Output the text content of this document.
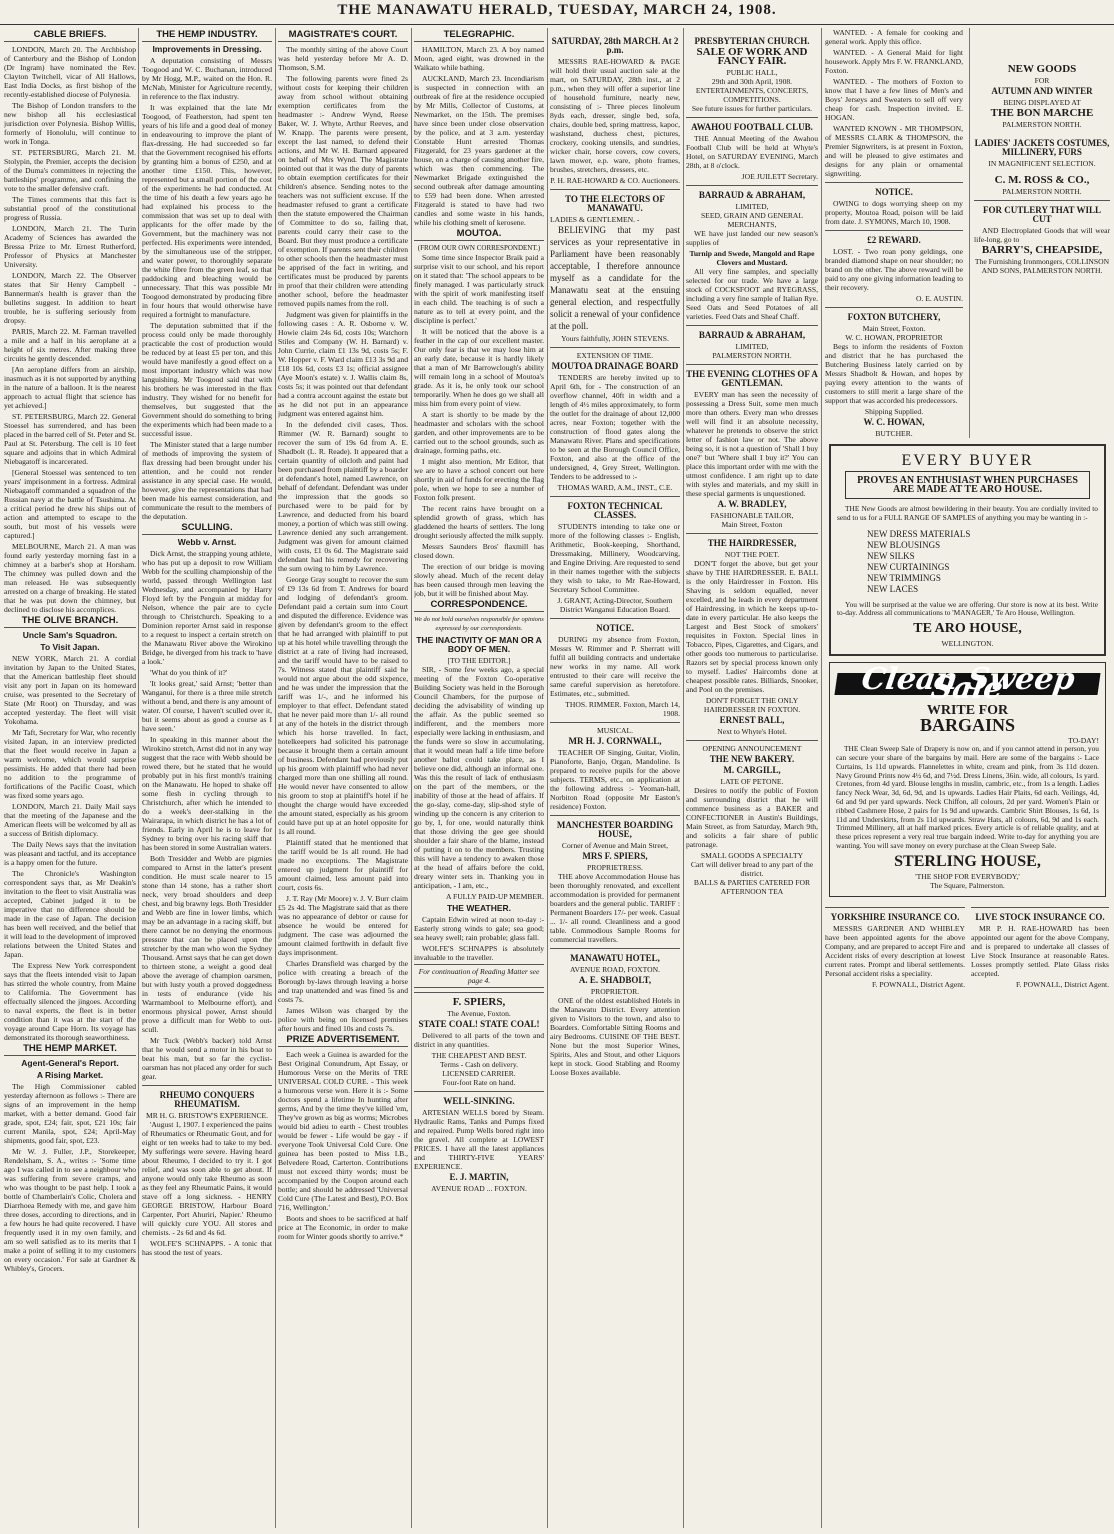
THE MANAWATU HERALD, TUESDAY, MARCH 24, 1908.
CABLE BRIEFS.

LONDON, March 20. The Archbishop of Canterbury and the Bishop of London (Dr Ingram) have nominated the Rev. Clayton Twitchell, vicar of All Hallows, East India Docks, as first bishop of the recently-established diocese of Polynesia.

The Bishop of London transfers to the new bishop all his ecclesiastical jurisdiction over Polynesia. Bishop Willis, formerly of Honolulu, will continue to work in Tonga.

ST. PETERSBURG, March 21. M. Stolypin, the Premier, accepts the decision of the Duma's committees in rejecting the battleships' programme, and confining the vote to the smaller defensive craft.

The Times comments that this fact is substantial proof of the constitutional progress of Russia.

LONDON, March 21. The Turin Academy of Sciences has awarded the Bressa Prize to Mr. Ernest Rutherford, Professor of Physics at Manchester University.

LONDON, March 22. The Observer states that Sir Henry Campbell - Bannerman's health is graver than the bulletins suggest. In addition to heart trouble, he is suffering seriously from dropsy.

PARIS, March 22. M. Farman travelled a mile and a half in his aeroplane at a height of six metres. After making three circuits he gently descended.

[An aeroplane differs from an airship, inasmuch as it is not supported by anything in the nature of a balloon. It is the nearest approach to actual flight that science has yet achieved.]

ST. PETERSBURG, March 22. General Stoessel has surrendered, and has been placed in the barred cell of St. Peter and St. Paul at St. Petersburg. The cell is 10 feet square and adjoins that in which Admiral Niebagatoff is incarcerated.

[General Stoessel was sentenced to ten years' imprisonment in a fortress. Admiral Niebagatoff commanded a squadron of the Russian navy at the battle of Tsushima. At a critical period he drew his ships out of action and attempted to escape to the south, but most of his vessels were captured.]

MELBOURNE, March 21. A man was found early yesterday morning fast in a chimney at a barber's shop at Horsham. The chimney was pulled down and the man released. He was subsequently arrested on a charge of breaking. He stated that he was put down the chimney, but declined to disclose his accomplices.

THE OLIVE BRANCH.
Uncle Sam's Squadron.
To Visit Japan.

NEW YORK, March 21. A cordial invitation by Japan to the United States, that the American battleship fleet should visit any port in Japan on its homeward cruise, was presented to the Secretary of State (Mr Root) on Thursday, and was accepted yesterday. The fleet will visit Yokohama.

Mr Taft, Secretary for War, who recently visited Japan, in an interview predicted that the fleet would receive in Japan a warm welcome, which would surprise pessimists. He added that there had been no addition to the programme of fortifications of the Pacific Coast, which was fixed some years ago.

LONDON, March 21. Daily Mail says that the meeting of the Japanese and the American fleets will be welcomed by all as a success of British diplomacy.

The Daily News says that the invitation was pleasant and tactful, and its acceptance is a happy omen for the future.

The Chronicle's Washington correspondent says that, as Mr Deakin's invitation to the fleet to visit Australia was accepted, Cabinet judged it to be imperative that no difference should be made in the case of Japan. The decision has been well received, and the belief that it will lead to the development of improved relations between the United States and Japan.

The Express New York correspondent says that the fleets intended visit to Japan has stirred the whole country, from Maine to California. The Government has effectually silenced the jingoes. According to naval experts, the fleet is in better condition than it was at the start of the voyage around Cape Horn. Its voyage has demonstrated its thorough seaworthiness.

THE HEMP MARKET.
Agent-General's Report.
A Rising Market.

The High Commissioner cabled yesterday afternoon as follows :- There are signs of an improvement in the hemp market, with a better demand. Good fair grade, spot, £24; fair, spot, £21 10s; fair current Manila, spot, £24; April-May shipments, good fair, spot, £23.

Mr W. J. Fuller, J.P., Storekeeper, Rendelsham, S. A., writes :- 'Some time ago I was called in to see a neighbour who was suffering from severe cramps, and who was thought to be past help. I took a bottle of Chamberlain's Colic, Cholera and Diarrhoea Remedy with me, and gave him three doses, according to directions, and in a few hours he had quite recovered. I have frequently used it in my own family, and am so well satisfied as to its merits that I make a point of selling it to my customers on every occasion.' For sale at Gardner & Whibley's, Grocers.

THE HEMP INDUSTRY.
Improvements in Dressing.

A deputation consisting of Messrs Toogood and W. C. Buchanan, introduced by Mr Hogg, M.P., waited on the Hon. R. McNab, Minister for Agriculture recently, in reference to the flax industry.

It was explained that the late Mr Toogood, of Featherston, had spent ten years of his life and a good deal of money in endeavouring to improve the plant of flax-dressing. He had succeeded so far that the Government recognised his efforts by granting him a bonus of £250, and at another time £150. This, however, represented but a small portion of the cost of the experiments he had conducted. At the time of his death a few years ago he had explained his process to the commission that was set up to deal with applicants for the offer made by the Government, but the machinery was not perfected. His experiments were intended, by the simultaneous use of the stripper, and water power, to thoroughly separate the white fibre from the green leaf, so that paddocking and bleaching would be unnecessary. That this was possible Mr Toogood demonstrated by producing fibre in four hours that would otherwise have required a fortnight to manufacture.

The deputation submitted that if the process could only be made thoroughly practicable the cost of production would be reduced by at least £5 per ton, and this would have manifestly a good effect on a most important industry which was now languishing. Mr Toogood said that with his brothers he was interested in the flax industry. They wished for no benefit for themselves, but suggested that the Government should do something to bring the experiments which had been made to a successful issue.

The Minister stated that a large number of methods of improving the system of flax dressing had been brought under his attention, and he could not render assistance in any special case. He would, however, give the representations that had been made his earnest consideration, and communicate the result to the members of the deputation.

SCULLING.
Webb v. Arnst.

Dick Arnst, the strapping young athlete, who has put up a deposit to row William Webb for the sculling championship of the world, passed through Wellington last Wednesday, and accompanied by Harry Floyd left by the Penguin at midday for Nelson, whence the pair are to cycle through to Christchurch. Speaking to a Dominion reporter Arnst said in response to a request to inspect a certain stretch on the Manawatu River above the Wirokino Bridge, he diverged from his track to 'have a look.'

'What do you think of it?'

'It looks great,' said Arnst; 'better than Wanganui, for there is a three mile stretch without a bend, and there is any amount of water. Of course, I haven't sculled over it, but it seems about as good a course as I have seen.'

In speaking in this manner about the Wirokino stretch, Arnst did not in any way suggest that the race with Webb should be rowed there, but he stated that he would probably put in his first month's training on the Manawatu. He hoped to shake off some flesh in cycling through to Christchurch, after which he intended to do a week's deer-stalking in the Wairarapa, in which district he has a lot of friends. Early in April he is to leave for Sydney to bring over his racing skiff that has been stored in some Australian waters.

Both Tresidder and Webb are pigmies compared to Arnst in the latter's present condition. He must scale nearer to 15 stone than 14 stone, has a rather short neck, very broad shoulders and deep chest, and big brawny legs. Both Tresidder and Webb are fine in lower limbs, which may be an advantage in a racing skiff, but there cannot be no denying the enormous pressure that can be placed upon the stretcher by the man who won the Sydney Thousand. Arnst says that he can get down to thirteen stone, a weight a good deal above the average of champion oarsmen, but with lusty youth a proved doggedness in tests of endurance (vide his Warrnambool to Melbourne effort), and enormous physical power, Arnst should prove a difficult man for Webb to out-scull.

Mr Tuck (Webb's backer) told Arnst that he would send a motor in his boat to beat his man, but so far the cyclist-oarsman has not placed any order for such gear.

RHEUMO CONQUERS RHEUMATISM.
MR H. G. BRISTOW'S EXPERIENCE.

'August 1, 1907. I experienced the pains of Rheumatics or Rheumatic Gout, and for eight or ten weeks had to take to my bed. My sufferings were severe. Having heard about Rheumo, I decided to try it. I got relief, and was soon able to get about. If anyone would only take Rheumo as soon as they feel any Rheumatic Pains, it would stave off a long sickness. - HENRY GEORGE BRISTOW, Harbour Board Carpenter, Port Ahuriri, Napier.' Rheumo will quickly cure YOU. All stores and chemists. - 2s 6d and 4s 6d.

WOLFE'S SCHNAPPS. - A tonic that has stood the test of years.

MAGISTRATE'S COURT.

The monthly sitting of the above Court was held yesterday before Mr A. D. Thomson, S.M.

The following parents were fined 2s without costs for keeping their children away from school without obtaining exemption certificates from the headmaster :- Andrew Wynd, Reese Baker, W. J. Whyte, Arthur Reeves, and W. Knapp. The parents were present, except the last named, to defend their actions, and Mr W. H. Barnard appeared on behalf of Mrs Wynd. The Magistrate pointed out that it was the duty of parents to obtain exemption certificates for their children's absence. Sending notes to the teachers was not sufficient excuse. If the headmaster refused to grant a certificate then the statute empowered the Chairman of Committee to do so, failing that, parents could carry their case to the Board. But they must produce a certificate of exemption. If parents sent their children to other schools then the headmaster must be apprised of the fact in writing, and certificates must be produced by parents in proof that their children were attending another school, before the headmaster removed pupils names from the roll.

Judgment was given for plaintiffs in the following cases : A. R. Osborne v. W. Howie claim 24s 6d, costs 10s; Watchorn Stiles and Company (W. H. Barnard) v. John Currie, claim £1 13s 9d, costs 5s; F. W. Hopper v. F. Ward claim £13 3s 9d and £18 10s 6d, costs £3 1s; official assignee (Aye Moon's estate) v. J. Wallis claim 8s, costs 5s; it was pointed out that defendant had a contra account against the estate but as he did not put in an appearance judgment was entered against him.

In the defended civil cases, Thos. Rimmer (W. R. Barnard) sought to recover the sum of 19s 6d from A. E. Shadbolt (L. R. Reade). It appeared that a certain quantity of oilcloth and paint had been purchased from plaintiff by a boarder at defendant's hotel, named Lawrence, on behalf of defendant. Defendant was under the impression that the goods so purchased were to be paid for by Lawrence, and deducted from his board money, a portion of which was still owing. Lawrence denied any such arrangement. Judgment was given for amount claimed with costs, £1 0s 6d. The Magistrate said defendant had his remedy for recovering the sum owing to him by Lawrence.

George Gray sought to recover the sum of £9 13s 6d from T. Andrews for board and lodging of defendant's groom. Defendant paid a certain sum into Court and disputed the difference. Evidence was given by defendant's groom to the effect that he had arranged with plaintiff to put up at his hotel while travelling through the district at a rate of living had increased, and the tariff would have to be raised to 7s. Witness stated that plaintiff said he would not argue about the odd sixpence, and he was under the impression that the tariff was 1/-, and he informed his employer to that effect. Defendant stated that he never paid more than 1/- all round at any of the hotels in the district through which his horse travelled. In fact, hotelkeepers had solicited his patronage because it brought them a certain amount of business. Defendant had previously put up his groom with plaintiff who had never charged more than one shilling all round. He would never have consented to allow his groom to stop at plaintiff's hotel if he thought the charge would have exceeded the amount stated, especially as his groom could have put up at an hotel opposite for 1s all round.

Plaintiff stated that he mentioned that the tariff would be 1s all round. He had made no exceptions. The Magistrate entered up judgment for plaintiff for amount claimed, less amount paid into court, costs 6s.

J. T. Ray (Mr Moore) v. J. V. Burr claim £5 2s 4d. The Magistrate said that as there was no appearance of debtor or cause for absence he would be entered for judgment. The case was adjourned the amount claimed forthwith in default five days imprisonment.

Charles Dransfield was charged by the police with creating a breach of the Borough by-laws through leaving a horse and trap unattended and was fined 5s and costs 7s.

James Wilson was charged by the police with being on licensed premises after hours and fined 10s and costs 7s.

PRIZE ADVERTISEMENT.

Each week a Guinea is awarded for the Best Original Conundrum, Apt Essay, or Humorous Verse on the Merits of TRE UNIVERSAL COLD CURE. - This week a humorous verse won. Here it is :- Some doctors spend a lifetime In hunting after germs, And by the time they've killed 'em, They've grown as big as worms; Microbes would bid adieu to earth - Chest troubles would be fewer - Life would be gay - if everyone Took Universal Cold Cure. One guinea has been posted to Miss I.B., Belvedere Road, Carterton. Contributions must not exceed thirty words; must be accompanied by the Coupon around each bottle; and should be addressed 'Universal Cold Cure (The Latest and Best), P.O. Box 716, Wellington.'

Boots and shoes to be sacrificed at half price at The Economic, in order to make room for Winter goods shortly to arrive.*

TELEGRAPHIC.

HAMILTON, March 23. A boy named Moon, aged eight, was drowned in the Waikato while bathing.

AUCKLAND, March 23. Incendiarism is suspected in connection with an outbreak of fire at the residence occupied by Mr Mills, Collector of Customs, at Newmarket, on the 15th. The premises have since been under close observation by the police, and at 3 a.m. yesterday Constable Hunt arrested Thomas Fitzgerald, for 23 years gardener at the house, on a charge of causing another fire, which was then commencing. The Newmarket Brigade extinguished the second outbreak after damage amounting to £59 had been done. When arrested Fitzgerald is stated to have had two candles and some waste in his hands, while his clothing smelt of kerosene.

MOUTOA.
(FROM OUR OWN CORRESPONDENT.)

Some time since Inspector Braik paid a surprise visit to our school, and his report on it stated that: 'The school appears to be finely managed. I was particularly struck with the spirit of work manifesting itself in each child. The teaching is of such a nature as to tell at every point, and the discipline is perfect.'

It will be noticed that the above is a feather in the cap of our excellent master. Our only fear is that we may lose him at an early date, because it is hardly likely that a man of Mr Barrowclough's ability will remain long in a school of Moutoa's grade. As it is, he only took our school temporarily. When he does go we shall all miss him from every point of view.

A start is shortly to be made by the headmaster and scholars with the school garden, and other improvements are to be carried out to the school grounds, such as drainage, forming paths, etc.

I might also mention, Mr Editor, that we are to have a school concert out here shortly in aid of funds for erecting the flag pole, when we hope to see a number of Foxton folk present.

The recent rains have brought on a splendid growth of grass, which has gladdened the hearts of settlers. The long drought seriously affected the milk supply.

Messrs Saunders Bros' flaxmill has closed down.

The erection of our bridge is moving slowly ahead. Much of the recent delay has been caused through men leaving the job, but it will be finished about May.

CORRESPONDENCE.
We do not hold ourselves responsible for opinions expressed by our correspondents.
THE INACTIVITY OF MAN OR A BODY OF MEN.
[TO THE EDITOR.]

SIR, - Some few weeks ago, a special meeting of the Foxton Co-operative Building Society was held in the Borough Council Chambers, for the purpose of deciding the advisability of winding up the affair. As the public seemed so indifferent, and the members more especially were lacking in enthusiasm, and the funds were so slow in accumulating, that it would mean half a life time before another ballot could take place, as I believe one did, although an informal one. Was this the result of lack of enthusiasm on the part of the members, or the inability of those at the head of affairs. If the go-slay, come-day, slip-shod style of winding up the concern is any criterion to go by, I, for one, would naturally think that those driving the gee gee should shoulder a fair share of the blame, instead of putting it on to the members. Trusting this will have a tendency to awaken those at the head of affairs before the cold, dreary winter sets in. Thanking you in anticipation, - I am, etc.,

A FULLY PAID-UP MEMBER.
THE WEATHER.

Captain Edwin wired at noon to-day :- Easterly strong winds to gale; sea good; sea heavy swell; rain probable; glass fall.

WOLFE'S SCHNAPPS is absolutely invaluable to the traveller.

For continuation of Reading Matter see page 4.
F. SPIERS,
The Avenue, Foxton.
STATE COAL! STATE COAL!

Delivered to all parts of the town and district in any quantities.

THE CHEAPEST AND BEST.
Terms - Cash on delivery.
LICENSED CARRIER.
Four-foot Rate on hand.
WELL-SINKING.

ARTESIAN WELLS bored by Steam. Hydraulic Rams, Tanks and Pumps fixed and repaired. Pump Wells bored right into the gravel. All complete at LOWEST PRICES. I have all the latest appliances and THIRTY-FIVE YEARS' EXPERIENCE.

E. J. MARTIN,
AVENUE ROAD ... FOXTON.
SATURDAY, 28th MARCH. At 2 p.m.

MESSRS RAE-HOWARD & PAGE will hold their usual auction sale at the mart, on SATURDAY, 28th inst., at 2 p.m., when they will offer a superior line of household furniture, nearly new, consisting of :- Three pieces linoleum 8yds each, dresser, single bed, sofa, chairs, double bed, spring mattress, kapoc, washstand, duchess chest, pictures, crockery, cooking utensils, and sundries, wicker chair, horse covers, cow covers, lawn mower, e.p. ware, photo frames, brushes, stretchers, dressers, etc.

P. H. RAE-HOWARD & CO. Auctioneers.
TO THE ELECTORS OF MANAWATU.
LADIES & GENTLEMEN. -

BELIEVING that my past services as your representative in Parliament have been reasonably acceptable, I therefore announce myself as a candidate for the Manawatu seat at the ensuing general election, and respectfully solicit a renewal of your confidence at the poll.

Yours faithfully, JOHN STEVENS.
EXTENSION OF TIME.
MOUTOA DRAINAGE BOARD

TENDERS are hereby invited up to April 6th, for - The construction of an overflow channel, 40ft in width and a length of 4½ miles approximately, to form the outlet for the drainage of about 12,000 acres, near Foxton; together with the construction of flood gates along the Manawatu River. Plans and specifications to be seen at the Borough Council Office, Foxton, and also at the office of the undersigned, 4, Grey Street, Wellington. Tenders to be addressed to :-

THOMAS WARD, A.M., INST., C.E.
FOXTON TECHNICAL CLASSES.

STUDENTS intending to take one or more of the following classes :- English, Arithmetic, Book-keeping, Shorthand, Dressmaking, Millinery, Woodcarving, and Engine Driving. Are requested to send in their names together with the subjects they wish to take, to Mr Rae-Howard, Secretary School Committee.

J. GRANT, Acting-Director, Southern District Wanganui Education Board.
NOTICE.

DURING my absence from Foxton, Messrs W. Rimmer and P. Sherratt will fulfil all building contracts and undertake new works in my name. All work entrusted to their care will receive the same careful supervision as heretofore. Estimates, etc., submitted.

THOS. RIMMER. Foxton, March 14, 1908.
MUSICAL.
MR H. J. CORNWALL,

TEACHER OF Singing, Guitar, Violin, Pianoforte, Banjo, Organ, Mandoline. Is prepared to receive pupils for the above subjects. TERMS, etc., on application at the following address :- Yeoman-hall, Norbiton Road (opposite Mr Easton's residence) Foxton.

MANCHESTER BOARDING HOUSE,
Corner of Avenue and Main Street,
MRS F. SPIERS,
PROPRIETRESS.

THE above Accommodation House has been thoroughly renovated, and excellent accommodation is provided for permanent boarders and the general public. TARIFF : Permanent Boarders 17/- per week. Casual ... 1/- all round. Cleanliness and a good table. Commodious Sample Rooms for commercial travellers.

MANAWATU HOTEL,
AVENUE ROAD, FOXTON.
A. E. SHADBOLT,
PROPRIETOR.

ONE of the oldest established Hotels in the Manawatu District. Every attention given to Visitors to the town, and also to Boarders. Comfortable Sitting Rooms and airy Bedrooms. CUISINE OF THE BEST. None but the most Superior Wines, Spirits, Ales and Stout, and other Liquors kept in stock. Good Stabling and Roomy Loose Boxes available.

PRESBYTERIAN CHURCH.
SALE OF WORK AND FANCY FAIR.
PUBLIC HALL,
29th and 30th April, 1908.
ENTERTAINMENTS, CONCERTS, COMPETITIONS.
See future issues for further particulars.
AWAHOU FOOTBALL CLUB.

THE Annual Meeting of the Awahou Football Club will be held at Whyte's Hotel, on SATURDAY EVENING, March 28th, at 8 o'clock.

JOE JUILETT Secretary.
BARRAUD & ABRAHAM,
LIMITED,
SEED, GRAIN AND GENERAL MERCHANTS,

WE have just landed our new season's supplies of

Turnip and Swede, Mangold and Rape Clovers and Mustard.

All very fine samples, and specially selected for our trade. We have a large stock of COCKSFOOT and RYEGRASS, including a very fine sample of Italian Rye. Seed Oats and Seed Potatoes of all varieties. Feed Oats and Sheaf Chaff.

BARRAUD & ABRAHAM,
LIMITED,
PALMERSTON NORTH.
THE EVENING CLOTHES OF A GENTLEMAN.

EVERY man has seen the necessity of possessing a Dress Suit, some men much more than others. Every man who dresses well will find it an absolute necessity, whatever he pretends to observe the strict letter of fashion law or not. The above being so, it is not a question of 'Shall I buy one?' but 'Where shall I buy it?' You can place this important order with me with the utmost confidence. I am right up to date with styles and materials, and my skill in these special garments is unquestioned.

A. W. BRADLEY,
FASHIONABLE TAILOR,
Main Street, Foxton
THE HAIRDRESSER,
NOT THE POET.

DON'T forget the above, but get your shave by THE HAIRDRESSER. E. BALL is the only Hairdresser in Foxton. His Shaving is seldom equalled, never excelled, and he leads in every department of Hairdressing, in which he keeps up-to-date in every particular. He also keeps the Largest and Best Stock of smokers' requisites in Foxton. Special lines in Tobacco, Pipes, Cigarettes, and Cigars, and other goods too numerous to particularise. Razors set by special process known only to myself. Ladies' Haircombs done at cheapest possible rates. Billiards, Snooker, and Pool on the premises.

DON'T FORGET THE ONLY HAIRDRESSER IN FOXTON.
ERNEST BALL,
Next to Whyte's Hotel.
OPENING ANNOUNCEMENT
THE NEW BAKERY.
M. CARGILL,
LATE OF PETONE.

Desires to notify the public of Foxton and surrounding district that he will commence business as a BAKER and CONFECTIONER in Austin's Buildings, Main Street, as from Saturday, March 9th, and solicits a fair share of public patronage.

SMALL GOODS A SPECIALTY
Cart will deliver bread to any part of the district.
BALLS & PARTIES CATERED FOR
AFTERNOON TEA

WANTED. - A female for cooking and general work. Apply this office.

WANTED. - A General Maid for light housework. Apply Mrs F. W. FRANKLAND, Foxton.

WANTED. - The mothers of Foxton to know that I have a few lines of Men's and Boys' Jerseys and Sweaters to sell off very cheap for cash. Inspection invited. E. HOGAN.

WANTED KNOWN - MR THOMPSON, of MESSRS CLARK & THOMPSON, the Premier Signwriters, is at present in Foxton, and will be pleased to give estimates and designs for any plain or ornamental signwriting.

NOTICE.

OWING to dogs worrying sheep on my property, Moutoa Road, poison will be laid from date. J. SYMONS, March 10, 1908.

£2 REWARD.

LOST. - Two roan pony geldings, one branded diamond shape on near shoulder; no brand on the other. The above reward will be paid to any one giving information leading to their recovery.

O. E. AUSTIN.
FOXTON BUTCHERY,
Main Street, Foxton.
W. C. HOWAN, PROPRIETOR

Begs to inform the residents of Foxton and district that he has purchased the Butchering Business lately carried on by Messrs Shadbolt & Howan, and hopes by paying every attention to the wants of customers to still merit a large share of the support that was accorded his predecessors.

Shipping Supplied.
W. C. HOWAN,
BUTCHER.
NEW GOODS
FOR
AUTUMN AND WINTER
BEING DISPLAYED AT
THE BON MARCHE
PALMERSTON NORTH.
LADIES' JACKETS COSTUMES, MILLINERY, FURS
IN MAGNIFICENT SELECTION.
C. M. ROSS & CO.,
PALMERSTON NORTH.
FOR CUTLERY THAT WILL CUT

AND Electroplated Goods that will wear life-long, go to

BARRY'S, CHEAPSIDE,
The Furnishing Ironmongers, COLLINSON AND SONS, PALMERSTON NORTH.
EVERY BUYER
PROVES AN ENTHUSIAST WHEN PURCHASES ARE MADE AT TE ARO HOUSE.

THE New Goods are almost bewildering in their beauty. You are cordially invited to send to us for a FULL RANGE OF SAMPLES of anything you may be wanting in :-

NEW DRESS MATERIALS
NEW BLOUSINGS
NEW SILKS
NEW CURTAININGS
NEW TRIMMINGS
NEW LACES

You will be surprised at the value we are offering. Our store is now at its best. Write to-day. Address all communications to 'MANAGER,' Te Aro House, Wellington.

TE ARO HOUSE,
WELLINGTON.
Clean Sweep Sale
WRITE FOR
BARGAINS
TO-DAY!

THE Clean Sweep Sale of Drapery is now on, and if you cannot attend in person, you can secure your share of the bargains by mail. Here are some of the bargains :- Lace Curtains, 1s 11d upwards. Flannelettes in white, cream and pink, from 3s 11d dozen. Navy Ground Prints now 4½ 6d, and 7½d. Dress Linens, 36in. wide, all colours, 1s yard. Cretones, from 4d yard. Blouse lengths in muslin, cambric, etc., from 1s a length. Ladies fancy Neck Wear, 3d, 6d, 9d, and 1s upwards. Ladies Hair Plaits, 6d each. Veilings, 4d, 6d and 9d per yard upwards. Neck Chiffon, all colours, 2d per yard. Women's Plain or ribbed Cashmere Hose, 2 pairs for 1s 9d and upwards. Cambric Shirt Blouses, 1s 6d, 1s 11d and Underskirts, from 2s 11d upwards. Straw Hats, all colours, 6d, 9d and 1s each. Trimmed Millinery, all at half marked prices. Every article is of reliable quality, and at these prices represent a very real true bargain indeed. Write to-day for anything you are wanting. You will save money on every purchase at the Clean Sweep Sale.

STERLING HOUSE,
'THE SHOP FOR EVERYBODY,'
The Square, Palmerston.
YORKSHIRE INSURANCE CO.

MESSRS GARDNER AND WHIBLEY have been appointed agents for the above Company, and are prepared to accept Fire and Accident risks of every description at lowest current rates. Prompt and liberal settlements. Personal accident risks a speciality.

F. POWNALL, District Agent.
LIVE STOCK INSURANCE CO.

MR P. H. RAE-HOWARD has been appointed our agent for the above Company, and is prepared to undertake all classes of Live Stock Insurance at reasonable Rates. Losses promptly settled. Plate Glass risks accepted.

F. POWNALL, District Agent.
